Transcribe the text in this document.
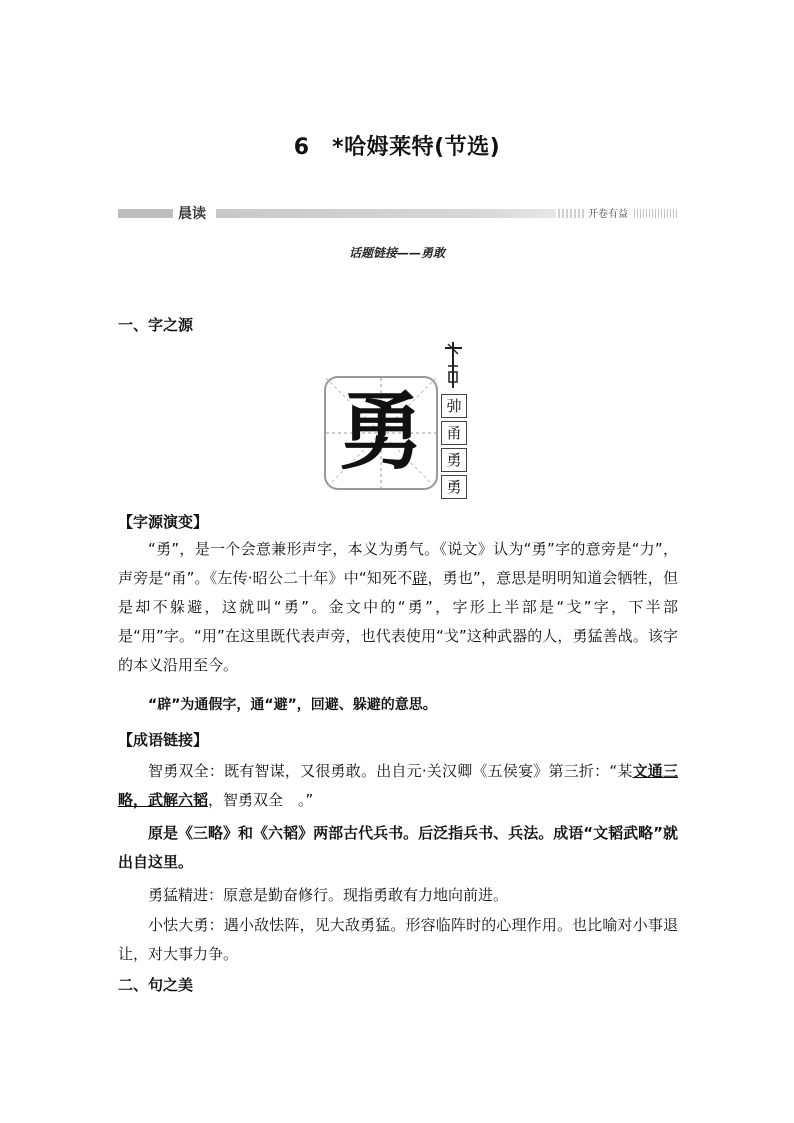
6　*哈姆莱特(节选)
晨读	开卷有益
话题链接——勇敢
一、字之源
勇	𢎭
甬
勇
勇
【字源演变】
“勇”，是一个会意兼形声字，本义为勇气。《说文》认为“勇”字的意旁是“力”，声旁是“甬”。《左传·昭公二十年》中“知死不辟，勇也”，意思是明明知道会牺牲，但是却不躲避，这就叫“勇”。金文中的“勇”，字形上半部是“戈”字，下半部是“用”字。“用”在这里既代表声旁，也代表使用“戈”这种武器的人，勇猛善战。该字的本义沿用至今。
“辟”为通假字，通“避”，回避、躲避的意思。
【成语链接】
智勇双全：既有智谋，又很勇敢。出自元·关汉卿《五侯宴》第三折：“某文通三略，武解六韬，智勇双全　。”
原是《三略》和《六韬》两部古代兵书。后泛指兵书、兵法。成语“文韬武略”就出自这里。
勇猛精进：原意是勤奋修行。现指勇敢有力地向前进。
小怯大勇：遇小敌怯阵，见大敌勇猛。形容临阵时的心理作用。也比喻对小事退让，对大事力争。
二、句之美
